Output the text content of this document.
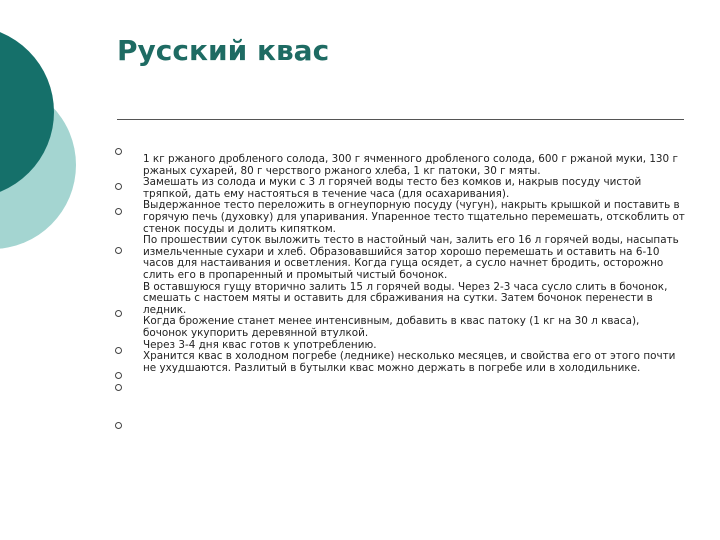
Русский квас

1 кг ржаного дробленого солода, 300 г ячменного дробленого солода, 600 г ржаной муки, 130 г ржаных сухарей, 80 г черствого ржаного хлеба, 1 кг патоки, 30 г мяты.

Замешать из солода и муки с 3 л горячей воды тесто без комков и, накрыв посуду чистой тряпкой, дать ему настояться в течение часа (для осахаривания).

Выдержанное тесто переложить в огнеупорную посуду (чугун), накрыть крышкой и поставить в горячую печь (духовку) для упаривания. Упаренное тесто тщательно перемешать, отскоблить от стенок посуды и долить кипятком.

По прошествии суток выложить тесто в настойный чан, залить его 16 л горячей воды, насыпать измельченные сухари и хлеб. Образовавшийся затор хорошо перемешать и оставить на 6-10 часов для настаивания и осветления. Когда гуща осядет, а сусло начнет бродить, осторожно слить его в пропаренный и промытый чистый бочонок.

В оставшуюся гущу вторично залить 15 л горячей воды. Через 2-3 часа сусло слить в бочонок, смешать с настоем мяты и оставить для сбраживания на сутки. Затем бочонок перенести в ледник.

Когда брожение станет менее интенсивным, добавить в квас патоку (1 кг на 30 л кваса), бочонок укупорить деревянной втулкой.

Через 3-4 дня квас готов к употреблению.

Хранится квас в холодном погребе (леднике) несколько месяцев, и свойства его от этого почти не ухудшаются. Разлитый в бутылки квас можно держать в погребе или в холодильнике.
